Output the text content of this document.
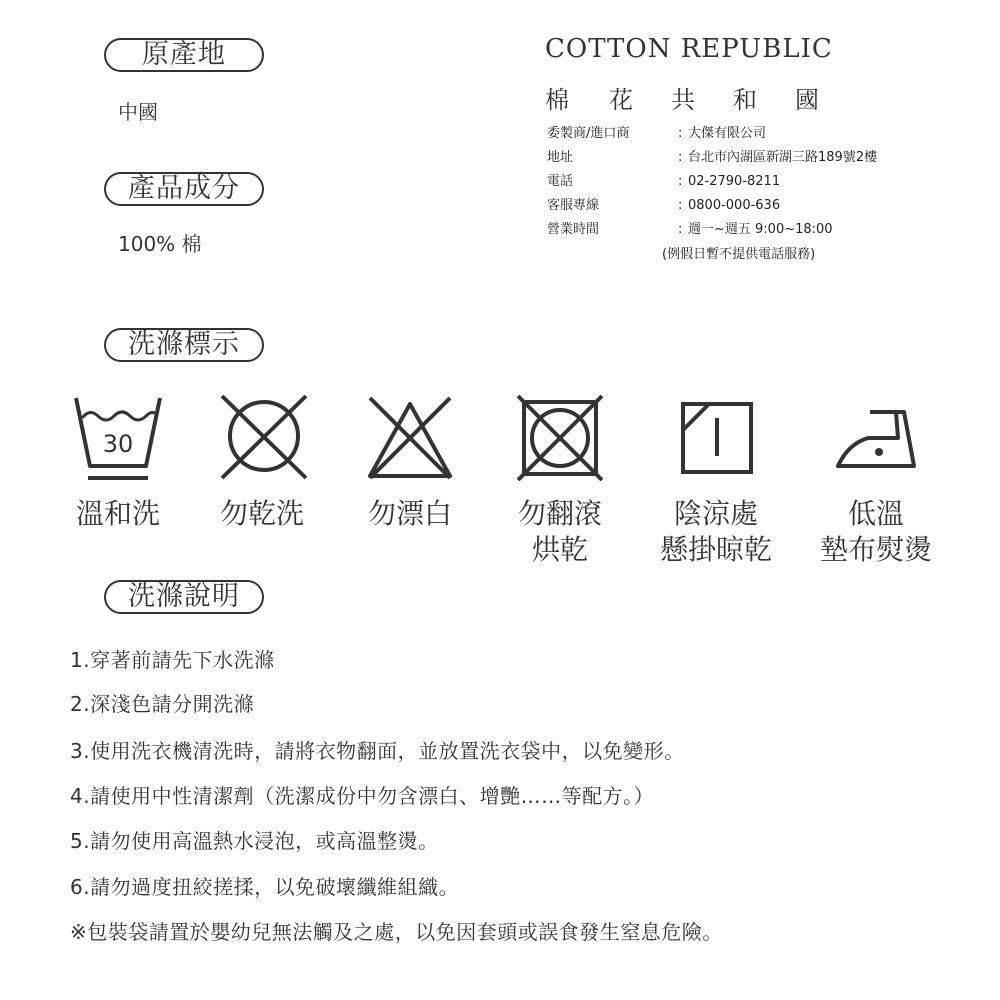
原產地
中國
產品成分
100% 棉
COTTON REPUBLIC
棉 花 共 和 國
委製商/進口商	: 大傑有限公司
地址	: 台北市內湖區新湖三路189號2樓
電話	: 02-2790-8211
客服專線	: 0800-000-636
營業時間	: 週一~週五 9:00~18:00
(例假日暫不提供電話服務)
洗滌標示
30
溫和洗	勿乾洗	勿漂白	勿翻滾
烘乾
陰涼處
懸掛晾乾
低溫
墊布熨燙
洗滌說明
1.穿著前請先下水洗滌
2.深淺色請分開洗滌
3.使用洗衣機清洗時，請將衣物翻面，並放置洗衣袋中，以免變形。
4.請使用中性清潔劑（洗潔成份中勿含漂白、增艷……等配方。）
5.請勿使用高溫熱水浸泡，或高溫整燙。
6.請勿過度扭絞搓揉，以免破壞纖維組織。
※包裝袋請置於嬰幼兒無法觸及之處，以免因套頭或誤食發生窒息危險。
